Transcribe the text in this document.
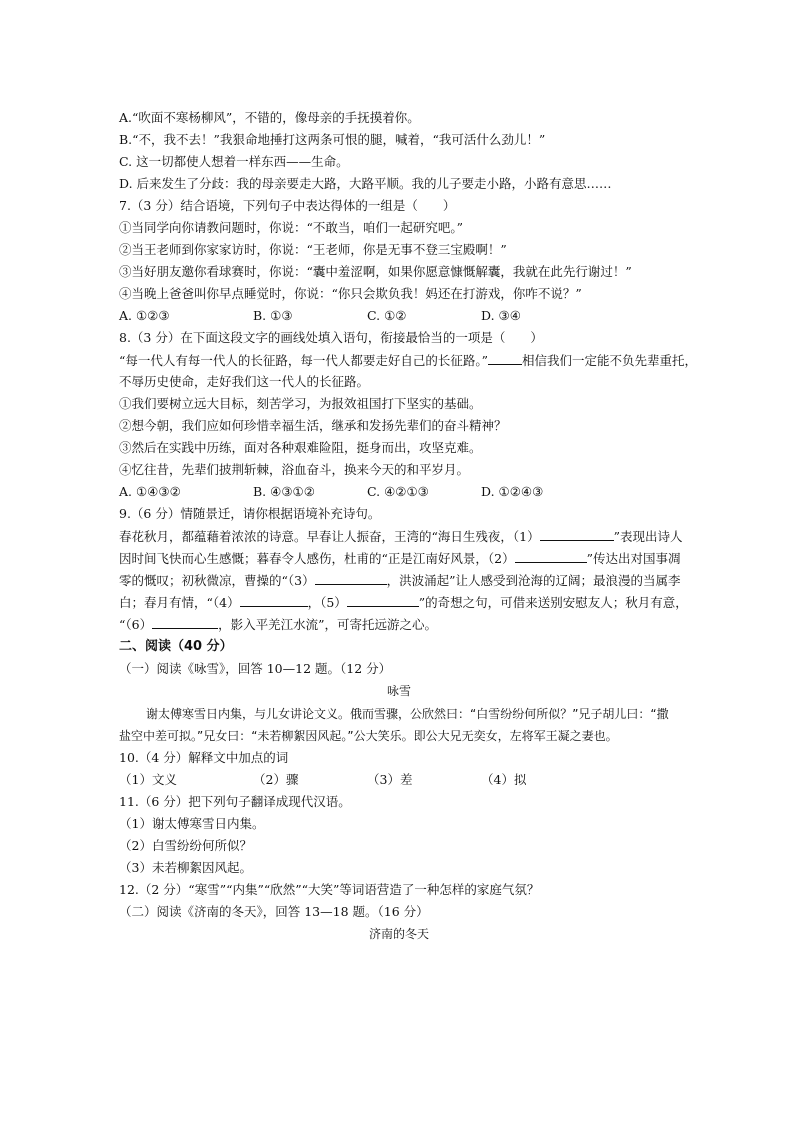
A.“吹面不寒杨柳风”，不错的，像母亲的手抚摸着你。
B.“不，我不去！”我狠命地捶打这两条可恨的腿，喊着，“我可活什么劲儿！”
C. 这一切都使人想着一样东西——生命。
D. 后来发生了分歧：我的母亲要走大路，大路平顺。我的儿子要走小路，小路有意思……
7.（3 分）结合语境，下列句子中表达得体的一组是（　　）
①当同学向你请教问题时，你说：“不敢当，咱们一起研究吧。”
②当王老师到你家家访时，你说：“王老师，你是无事不登三宝殿啊！”
③当好朋友邀你看球赛时，你说：“囊中羞涩啊，如果你愿意慷慨解囊，我就在此先行谢过！”
④当晚上爸爸叫你早点睡觉时，你说：“你只会欺负我！妈还在打游戏，你咋不说？”
A. ①②③	B. ①③	C. ①②	D. ③④
8.（3 分）在下面这段文字的画线处填入语句，衔接最恰当的一项是（　　）
“每一代人有每一代人的长征路，每一代人都要走好自己的长征路。”	相信我们一定能不负先辈重托，
不辱历史使命，走好我们这一代人的长征路。
①我们要树立远大目标，刻苦学习，为报效祖国打下坚实的基础。
②想今朝，我们应如何珍惜幸福生活，继承和发扬先辈们的奋斗精神？
③然后在实践中历练，面对各种艰难险阻，挺身而出，攻坚克难。
④忆往昔，先辈们披荆斩棘，浴血奋斗，换来今天的和平岁月。
A. ①④③②	B. ④③①②	C. ④②①③	D. ①②④③
9.（6 分）情随景迁，请你根据语境补充诗句。
春花秋月，都蕴藉着浓浓的诗意。早春让人振奋，王湾的“海日生残夜，（1）	”表现出诗人
因时间飞快而心生感慨；暮春令人感伤，杜甫的“正是江南好风景，（2）	”传达出对国事凋
零的慨叹；初秋微凉，曹操的“（3）	，洪波涌起”让人感受到沧海的辽阔；最浪漫的当属李
白；春月有情，“（4）	，（5）	”的奇想之句，可借来送别安慰友人；秋月有意，
“（6）	，影入平羌江水流”，可寄托远游之心。
二、阅读（40 分）
（一）阅读《咏雪》，回答 10—12 题。（12 分）
咏雪
谢太傅寒雪日内集，与儿女讲论文义。俄而雪骤，公欣然曰：“白雪纷纷何所似？”兄子胡儿曰：“撒
盐空中差可拟。”兄女曰：“未若柳絮因风起。”公大笑乐。即公大兄无奕女，左将军王凝之妻也。
10.（4 分）解释文中加点的词
（1）文义	（2）骤	（3）差	（4）拟
11.（6 分）把下列句子翻译成现代汉语。
（1）谢太傅寒雪日内集。
（2）白雪纷纷何所似？
（3）未若柳絮因风起。
12.（2 分）“寒雪”“内集”“欣然”“大笑”等词语营造了一种怎样的家庭气氛？
（二）阅读《济南的冬天》，回答 13—18 题。（16 分）
济南的冬天
